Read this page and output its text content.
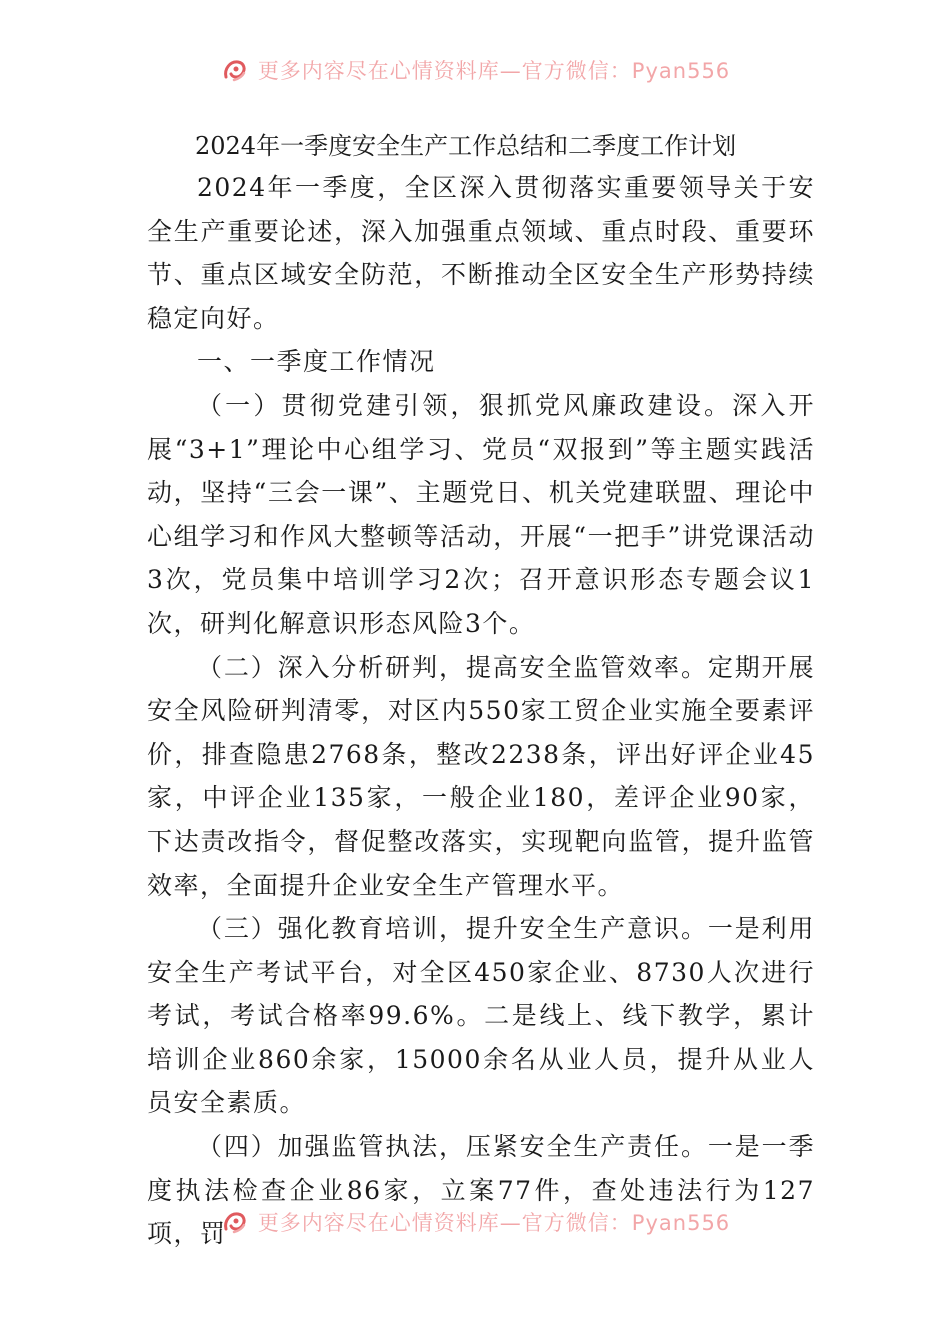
更多内容尽在心情资料库—官方微信：Pyan556
2024年一季度安全生产工作总结和二季度工作计划

2024年一季度，全区深入贯彻落实重要领导关于安全生产重要论述，深入加强重点领域、重点时段、重要环节、重点区域安全防范，不断推动全区安全生产形势持续稳定向好。

一、一季度工作情况

（一）贯彻党建引领，狠抓党风廉政建设。深入开展“3+1”理论中心组学习、党员“双报到”等主题实践活动，坚持“三会一课”、主题党日、机关党建联盟、理论中心组学习和作风大整顿等活动，开展“一把手”讲党课活动3次，党员集中培训学习2次；召开意识形态专题会议1次，研判化解意识形态风险3个。

（二）深入分析研判，提高安全监管效率。定期开展安全风险研判清零，对区内550家工贸企业实施全要素评价，排查隐患2768条，整改2238条，评出好评企业45家，中评企业135家，一般企业180，差评企业90家，下达责改指令，督促整改落实，实现靶向监管，提升监管效率，全面提升企业安全生产管理水平。

（三）强化教育培训，提升安全生产意识。一是利用安全生产考试平台，对全区450家企业、8730人次进行考试，考试合格率99.6%。二是线上、线下教学，累计培训企业860余家，15000余名从业人员，提升从业人员安全素质。

（四）加强监管执法，压紧安全生产责任。一是一季度执法检查企业86家，立案77件，查处违法行为127项，罚	更多内容尽在心情资料库—官方微信：Pyan556
